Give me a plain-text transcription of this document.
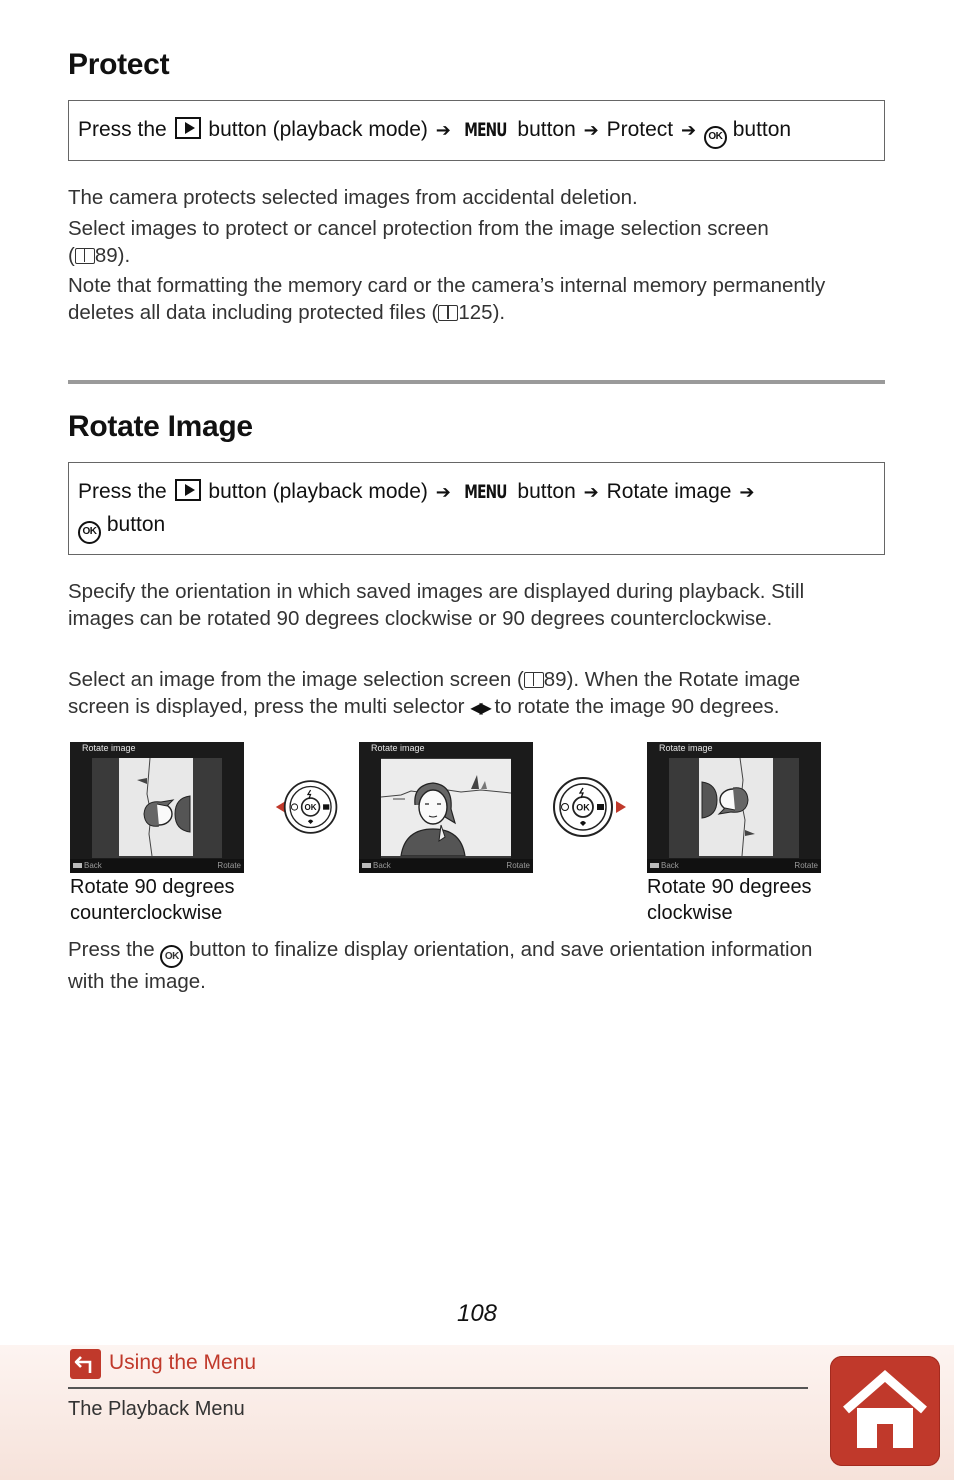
Protect
Press the button (playback mode) ➔ MENU button ➔ Protect ➔ OK button
The camera protects selected images from accidental deletion.
Select images to protect or cancel protection from the image selection screen
( 89).
Note that formatting the memory card or the camera’s internal memory permanently
deletes all data including protected files ( 125).
Rotate Image
Press the button (playback mode) ➔ MENU button ➔ Rotate image ➔
OK button
Specify the orientation in which saved images are displayed during playback. Still
images can be rotated 90 degrees clockwise or 90 degrees counterclockwise.
Select an image from the image selection screen ( 89). When the Rotate image
screen is displayed, press the multi selector ◀▶ to rotate the image 90 degrees.
Rotate image
Back	Rotate
OK
Rotate image
Back	Rotate
OK
Rotate image
Back	Rotate
Rotate 90 degrees
counterclockwise
Rotate 90 degrees
clockwise
Press the OK button to finalize display orientation, and save orientation information
with the image.
108
Using the Menu
The Playback Menu
